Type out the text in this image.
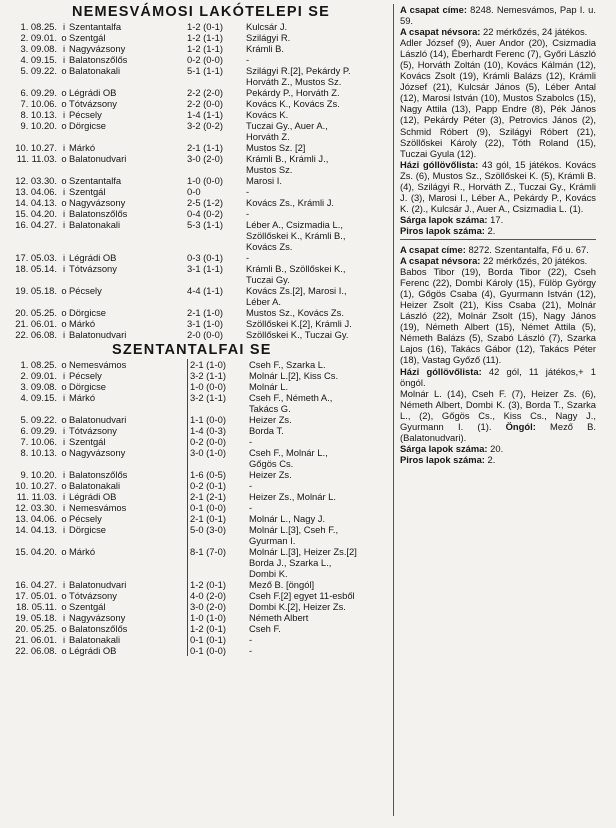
NEMESVÁMOSI LAKÓTELEPI SE
1. 08.25. i Szentantalfa	1-2 (0-1)	Kulcsár J.
2. 09.01. o Szentgál	1-2 (1-1)	Szilágyi R.
3. 09.08. i Nagyvázsony	1-2 (1-1)	Krámli B.
4. 09.15. i Balatonszőlős	0-2 (0-0)	-
5. 09.22. o Balatonakali	5-1 (1-1)	Szilágyi R.[2], Pekárdy P.
Horváth Z., Mustos Sz.
6. 09.29. o Légrádi OB	2-2 (2-0)	Pekárdy P., Horváth Z.
7. 10.06. o Tótvázsony	2-2 (0-0)	Kovács K., Kovács Zs.
8. 10.13. i Pécsely	1-4 (1-1)	Kovács K.
9. 10.20. o Dörgicse	3-2 (0-2)	Tuczai Gy., Auer A.,
Horváth Z.
10. 10.27. i Márkó	2-1 (1-1)	Mustos Sz. [2]
11. 11.03. o Balatonudvari	3-0 (2-0)	Krámli B., Krámli J.,
Mustos Sz.
12. 03.30. o Szentantalfa	1-0 (0-0)	Marosi I.
13. 04.06. i Szentgál	0-0	-
14. 04.13. o Nagyvázsony	2-5 (1-2)	Kovács Zs., Krámli J.
15. 04.20. i Balatonszőlős	0-4 (0-2)	-
16. 04.27. i Balatonakali	5-3 (1-1)	Léber A., Csizmadia L.,
Szöllőskei K., Krámli B.,
Kovács Zs.
17. 05.03. i Légrádi OB	0-3 (0-1)	-
18. 05.14. i Tótvázsony	3-1 (1-1)	Krámli B., Szöllőskei K.,
Tuczai Gy.
19. 05.18. o Pécsely	4-4 (1-1)	Kovács Zs.[2], Marosi I.,
Léber A.
20. 05.25. o Dörgicse	2-1 (1-0)	Mustos Sz., Kovács Zs.
21. 06.01. o Márkó	3-1 (1-0)	Szöllőskei K.[2], Krámli J.
22. 06.08. i Balatonudvari	2-0 (0-0)	Szöllőskei K., Tuczai Gy.
SZENTANTALFAI SE
1. 08.25. o Nemesvámos	2-1 (1-0)	Cseh F., Szarka L.
2. 09.01. i Pécsely	3-2 (1-1)	Molnár L.[2], Kiss Cs.
3. 09.08. o Dörgicse	1-0 (0-0)	Molnár L.
4. 09.15. i Márkó	3-2 (1-1)	Cseh F., Németh A.,
Takács G.
5. 09.22. o Balatonudvari	1-1 (0-0)	Heizer Zs.
6. 09.29. i Tótvázsony	1-4 (0-3)	Borda T.
7. 10.06. i Szentgál	0-2 (0-0)	-
8. 10.13. o Nagyvázsony	3-0 (1-0)	Cseh F., Molnár L.,
Gőgös Cs.
9. 10.20. i Balatonszőlős	1-6 (0-5)	Heizer Zs.
10. 10.27. o Balatonakali	0-2 (0-1)	-
11. 11.03. i Légrádi OB	2-1 (2-1)	Heizer Zs., Molnár L.
12. 03.30. i Nemesvámos	0-1 (0-0)	-
13. 04.06. o Pécsely	2-1 (0-1)	Molnár L., Nagy J.
14. 04.13. i Dörgicse	5-0 (3-0)	Molnár L.[3], Cseh F.,
Gyurman I.
15. 04.20. o Márkó	8-1 (7-0)	Molnár L.[3], Heizer Zs.[2]
Borda J., Szarka L.,
Dombi K.
16. 04.27. i Balatonudvari	1-2 (0-1)	Mező B. [öngól]
17. 05.01. o Tótvázsony	4-0 (2-0)	Cseh F.[2] egyet 11-esből
18. 05.11. o Szentgál	3-0 (2-0)	Dombi K.[2], Heizer Zs.
19. 05.18. i Nagyvázsony	1-0 (1-0)	Németh Albert
20. 05.25. o Balatonszőlős	1-2 (0-1)	Cseh F.
21. 06.01. i Balatonakali	0-1 (0-1)	-
22. 06.08. o Légrádi OB	0-1 (0-0)	-

A csapat címe: 8248. Nemesvámos, Pap I. u. 59.

A csapat névsora: 22 mérkőzés, 24 játékos.

Adler József (9), Auer Andor (20), Csizmadia László (14), Éberhardt Ferenc (7), Győri László (5), Horváth Zoltán (10), Kovács Kálmán (12), Kovács Zsolt (19), Krámli Balázs (12), Krámli József (21), Kulcsár János (5), Léber Antal (12), Marosi István (10), Mustos Szabolcs (15), Nagy Attila (13), Papp Endre (8), Pék János (12), Pekárdy Péter (3), Petrovics János (2), Schmid Róbert (9), Szilágyi Róbert (21), Szöllőskei Károly (22), Tóth Roland (15), Tuczai Gyula (12).

Házi góllövőlista: 43 gól, 15 játékos. Kovács Zs. (6), Mustos Sz., Szöllőskei K. (5), Krámli B. (4), Szilágyi R., Horváth Z., Tuczai Gy., Krámli J. (3), Marosi I., Léber A., Pekárdy P., Kovács K. (2)., Kulcsár J., Auer A., Csizmadia L. (1).

Sárga lapok száma: 17.

Piros lapok száma: 2.

A csapat címe: 8272. Szentantalfa, Fő u. 67.

A csapat névsora: 22 mérkőzés, 20 játékos.

Babos Tibor (19), Borda Tibor (22), Cseh Ferenc (22), Dombi Károly (15), Fülöp György (1), Gőgös Csaba (4), Gyurmann István (12), Heizer Zsolt (21), Kiss Csaba (21), Molnár László (22), Molnár Zsolt (15), Nagy János (19), Németh Albert (15), Német Attila (5), Németh Balázs (5), Szabó László (7), Szarka Lajos (16), Takács Gábor (12), Takács Péter (18), Vastag Győző (11).

Házi góllövőlista: 42 gól, 11 játékos,+ 1 öngól.

Molnár L. (14), Cseh F. (7), Heizer Zs. (6), Németh Albert, Dombi K. (3), Borda T., Szarka L., (2), Gőgös Cs., Kiss Cs., Nagy J., Gyurmann I. (1). Öngól: Mező B. (Balatonudvari).

Sárga lapok száma: 20.

Piros lapok száma: 2.
